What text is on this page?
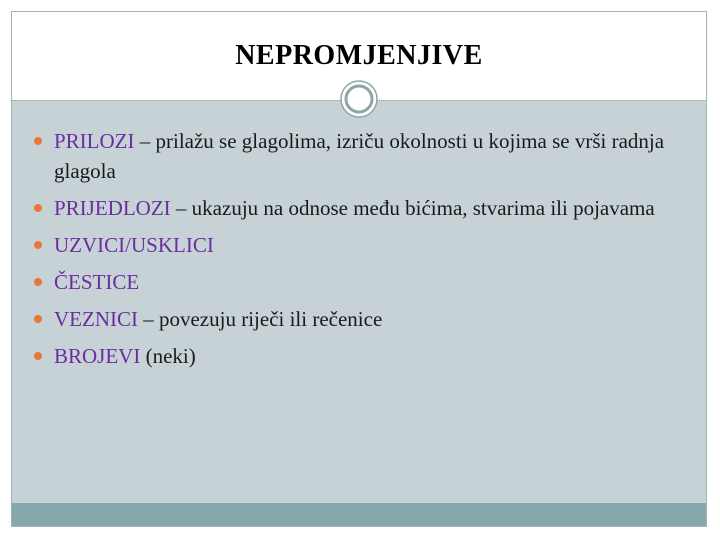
NEPROMJENJIVE
PRILOZI – prilažu se glagolima, izriču okolnosti u kojima se vrši radnja glagola
PRIJEDLOZI – ukazuju na odnose među bićima, stvarima ili pojavama
UZVICI/USKLICI
ČESTICE
VEZNICI – povezuju riječi ili rečenice
BROJEVI (neki)
